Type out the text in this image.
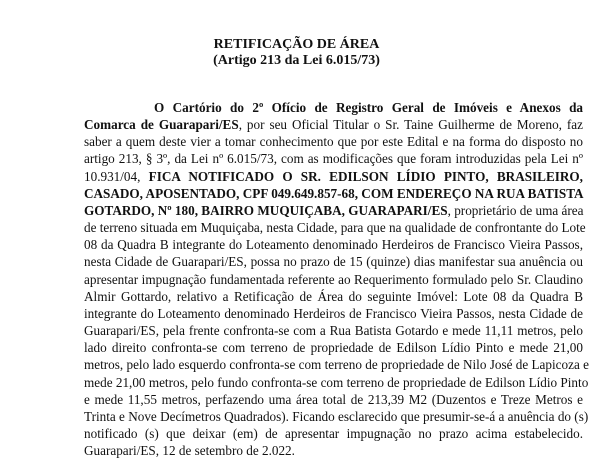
RETIFICAÇÃO DE ÁREA
(Artigo 213 da Lei 6.015/73)
O Cartório do 2º Ofício de Registro Geral de Imóveis e Anexos da
Comarca de Guarapari/ES, por seu Oficial Titular o Sr. Taine Guilherme de Moreno, faz
saber a quem deste vier a tomar conhecimento que por este Edital e na forma do disposto no
artigo 213, § 3º, da Lei nº 6.015/73, com as modificações que foram introduzidas pela Lei nº
10.931/04, FICA NOTIFICADO O SR. EDILSON LÍDIO PINTO, BRASILEIRO,
CASADO, APOSENTADO, CPF 049.649.857-68, COM ENDEREÇO NA RUA BATISTA
GOTARDO, Nº 180, BAIRRO MUQUIÇABA, GUARAPARI/ES, proprietário de uma área
de terreno situada em Muquiçaba, nesta Cidade, para que na qualidade de confrontante do Lote
08 da Quadra B integrante do Loteamento denominado Herdeiros de Francisco Vieira Passos,
nesta Cidade de Guarapari/ES, possa no prazo de 15 (quinze) dias manifestar sua anuência ou
apresentar impugnação fundamentada referente ao Requerimento formulado pelo Sr. Claudino
Almir Gottardo, relativo a Retificação de Área do seguinte Imóvel: Lote 08 da Quadra B
integrante do Loteamento denominado Herdeiros de Francisco Vieira Passos, nesta Cidade de
Guarapari/ES, pela frente confronta-se com a Rua Batista Gotardo e mede 11,11 metros, pelo
lado direito confronta-se com terreno de propriedade de Edilson Lídio Pinto e mede 21,00
metros, pelo lado esquerdo confronta-se com terreno de propriedade de Nilo José de Lapicoza e
mede 21,00 metros, pelo fundo confronta-se com terreno de propriedade de Edilson Lídio Pinto
e mede 11,55 metros, perfazendo uma área total de 213,39 M2 (Duzentos e Treze Metros e
Trinta e Nove Decímetros Quadrados). Ficando esclarecido que presumir-se-á a anuência do (s)
notificado (s) que deixar (em) de apresentar impugnação no prazo acima estabelecido.
Guarapari/ES, 12 de setembro de 2.022.
